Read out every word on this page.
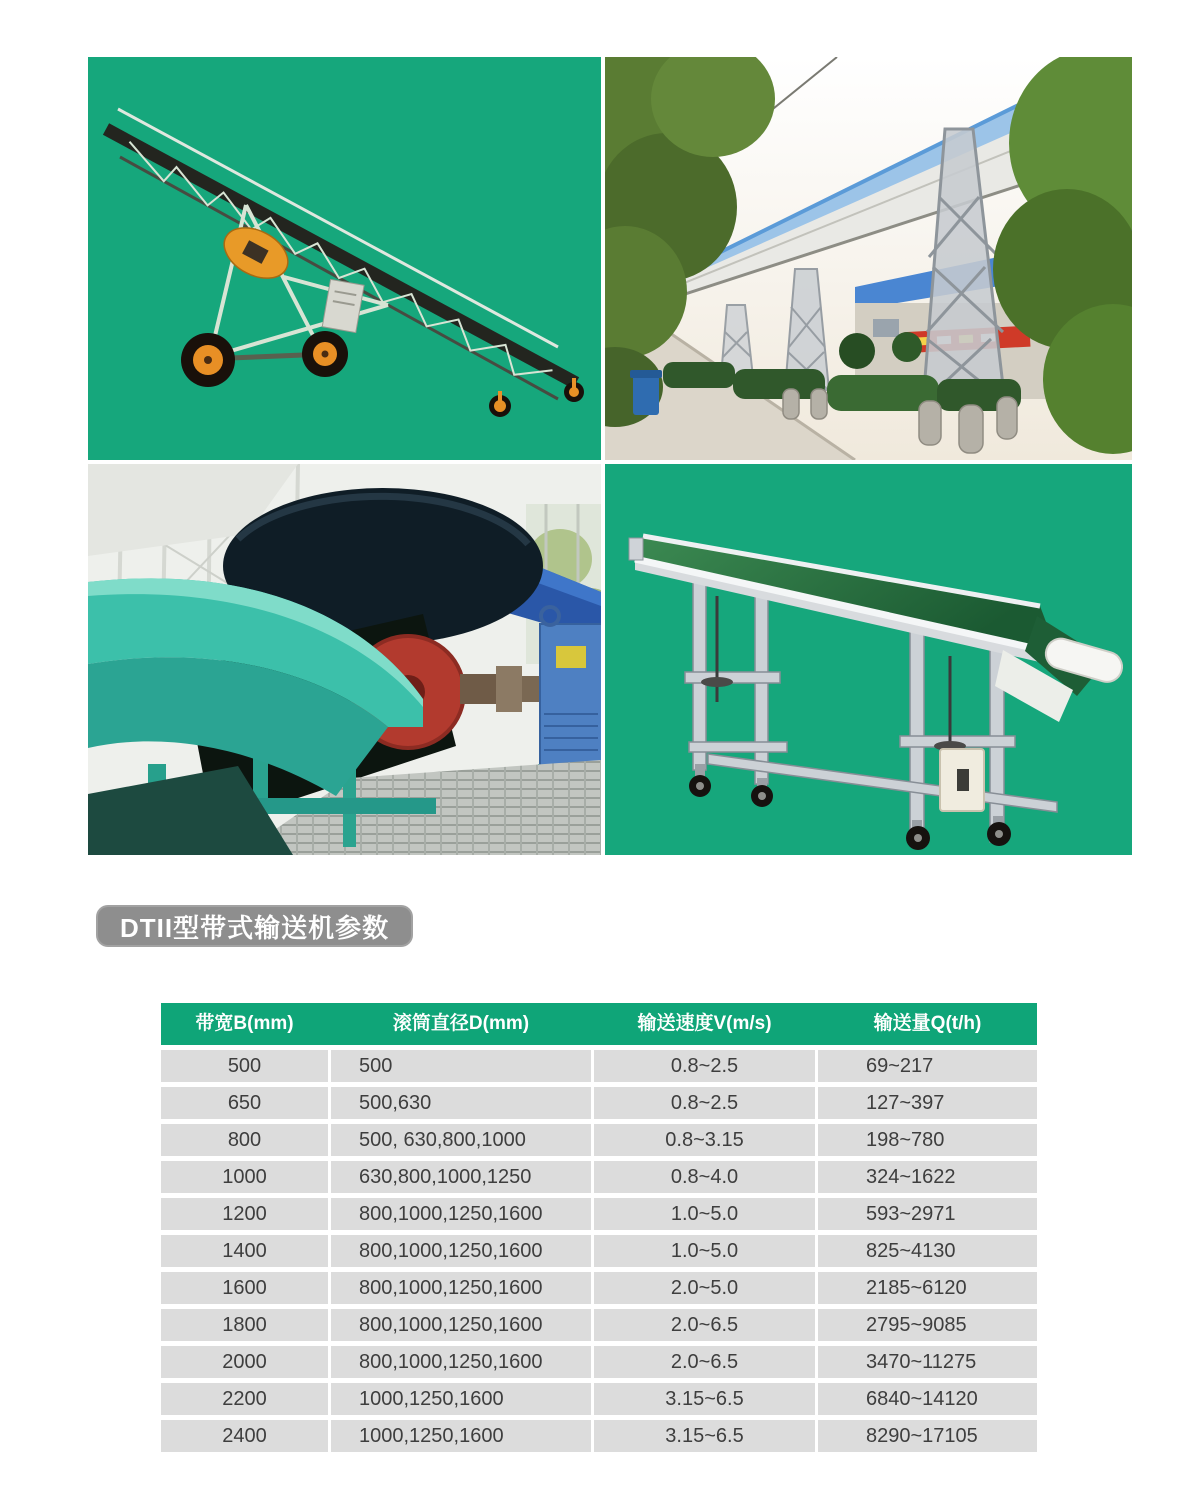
DTII型带式输送机参数
带宽B(mm)	滚筒直径D(mm)	输送速度V(m/s)	输送量Q(t/h)
500	500	0.8~2.5	69~217
650	500,630	0.8~2.5	127~397
800	500, 630,800,1000	0.8~3.15	198~780
1000	630,800,1000,1250	0.8~4.0	324~1622
1200	800,1000,1250,1600	1.0~5.0	593~2971
1400	800,1000,1250,1600	1.0~5.0	825~4130
1600	800,1000,1250,1600	2.0~5.0	2185~6120
1800	800,1000,1250,1600	2.0~6.5	2795~9085
2000	800,1000,1250,1600	2.0~6.5	3470~11275
2200	1000,1250,1600	3.15~6.5	6840~14120
2400	1000,1250,1600	3.15~6.5	8290~17105
